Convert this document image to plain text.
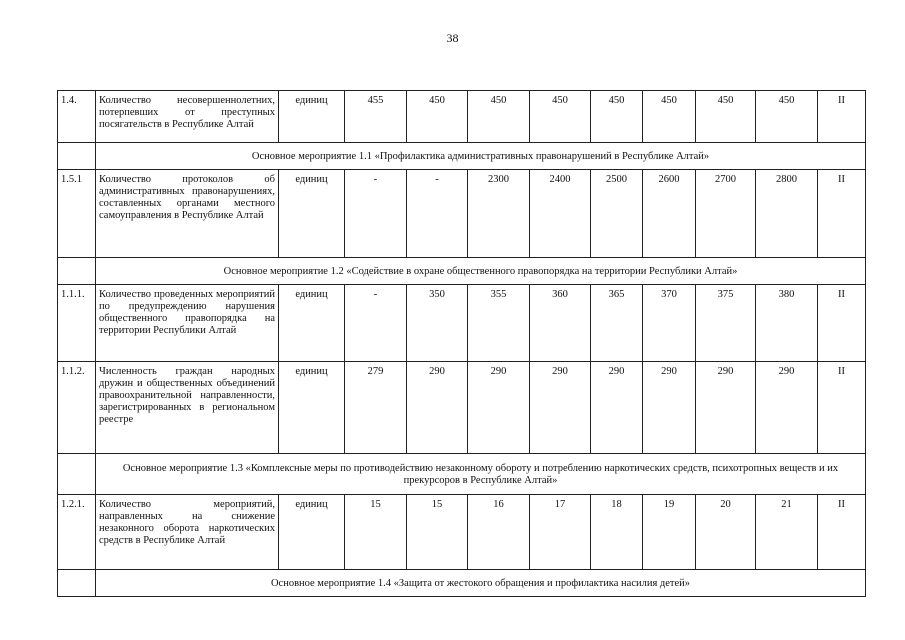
38
1.4.	Количество несовершеннолетних, потерпевших от преступных посягательств в Республике Алтай	единиц	455	450	450	450	450	450	450	450	II
	Основное мероприятие 1.1 «Профилактика административных правонарушений в Республике Алтай»										
1.5.1	Количество протоколов об административных правонарушениях, составленных органами местного самоуправления в Республике Алтай	единиц	-	-	2300	2400	2500	2600	2700	2800	II
	Основное мероприятие 1.2 «Содействие в охране общественного правопорядка на территории Республики Алтай»										
1.1.1.	Количество проведенных мероприятий по предупреждению нарушения общественного правопорядка на территории Республики Алтай	единиц	-	350	355	360	365	370	375	380	II
1.1.2.	Численность граждан народных дружин и общественных объединений правоохранительной направленности, зарегистрированных в региональном реестре	единиц	279	290	290	290	290	290	290	290	II
	Основное мероприятие 1.3 «Комплексные меры по противодействию незаконному обороту и потреблению наркотических средств, психотропных веществ и их прекурсоров в Республике Алтай»										
1.2.1.	Количество мероприятий, направленных на снижение незаконного оборота наркотических средств в Республике Алтай	единиц	15	15	16	17	18	19	20	21	II
	Основное мероприятие 1.4 «Защита от жестокого обращения и профилактика насилия детей»										
